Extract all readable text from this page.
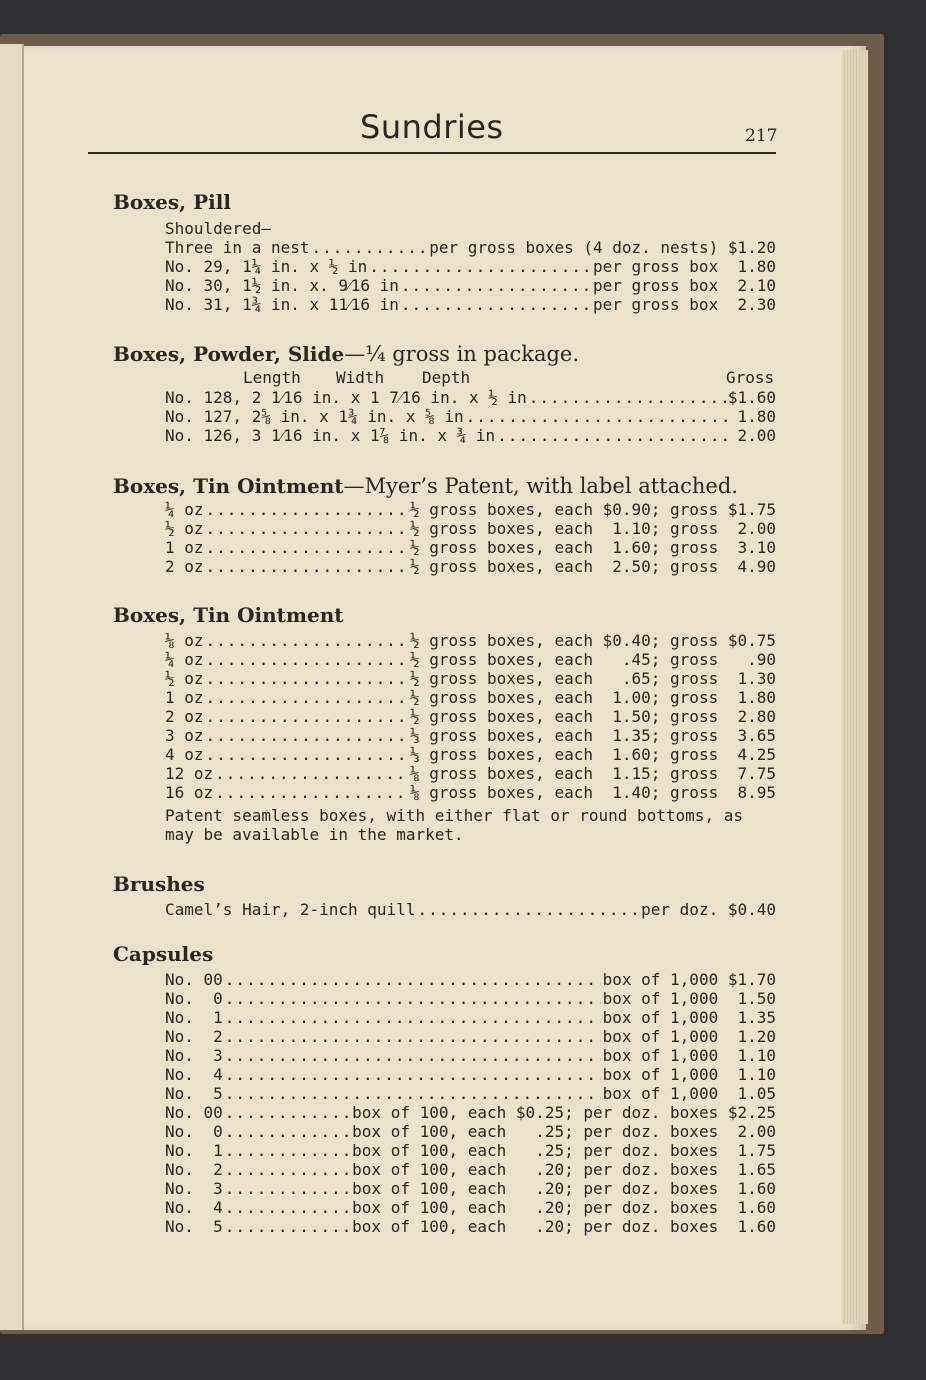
Sundries	217
Boxes, Pill
Shouldered—
Three in a nest .....	per gross boxes (4 doz. nests) $1.20
No. 29, 1¼ in. x ½ in .....	per gross box  1.80
No. 30, 1½ in. x. 9⁄16 in .....	per gross box  2.10
No. 31, 1¾ in. x 11⁄16 in .....	per gross box  2.30
Boxes, Powder, Slide—¼ gross in package.
Length Width Depth	Gross
No. 128, 2 1⁄16 in. x 1 7⁄16 in. x ½ in .....	$1.60
No. 127, 2⅝ in. x 1¾ in. x ⅝ in .....	1.80
No. 126, 3 1⁄16 in. x 1⅞ in. x ¾ in .....	2.00
Boxes, Tin Ointment—Myer’s Patent, with label attached.
¼ oz .....	½ gross boxes, each $0.90; gross $1.75
½ oz .....	½ gross boxes, each  1.10; gross  2.00
1 oz .....	½ gross boxes, each  1.60; gross  3.10
2 oz .....	½ gross boxes, each  2.50; gross  4.90
Boxes, Tin Ointment
⅛ oz .....	½ gross boxes, each $0.40; gross $0.75
¼ oz .....	½ gross boxes, each   .45; gross   .90
½ oz .....	½ gross boxes, each   .65; gross  1.30
1 oz .....	½ gross boxes, each  1.00; gross  1.80
2 oz .....	½ gross boxes, each  1.50; gross  2.80
3 oz .....	⅓ gross boxes, each  1.35; gross  3.65
4 oz .....	⅓ gross boxes, each  1.60; gross  4.25
12 oz .....	⅛ gross boxes, each  1.15; gross  7.75
16 oz .....	⅛ gross boxes, each  1.40; gross  8.95
Patent seamless boxes, with either flat or round bottoms, as may be available in the market.
Brushes
Camel’s Hair, 2-inch quill .....	per doz. $0.40
Capsules
No. 00 .....	box of 1,000 $1.70
No.  0 .....	box of 1,000  1.50
No.  1 .....	box of 1,000  1.35
No.  2 .....	box of 1,000  1.20
No.  3 .....	box of 1,000  1.10
No.  4 .....	box of 1,000  1.10
No.  5 .....	box of 1,000  1.05
No. 00 .....	box of 100, each $0.25; per doz. boxes $2.25
No.  0 .....	box of 100, each   .25; per doz. boxes  2.00
No.  1 .....	box of 100, each   .25; per doz. boxes  1.75
No.  2 .....	box of 100, each   .20; per doz. boxes  1.65
No.  3 .....	box of 100, each   .20; per doz. boxes  1.60
No.  4 .....	box of 100, each   .20; per doz. boxes  1.60
No.  5 .....	box of 100, each   .20; per doz. boxes  1.60
